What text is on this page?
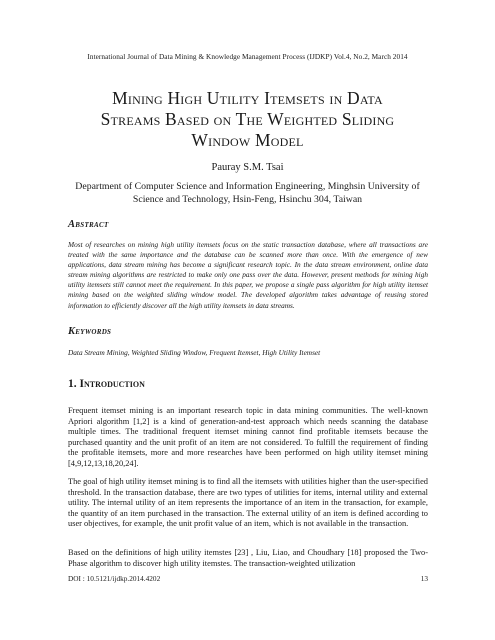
International Journal of Data Mining & Knowledge Management Process (IJDKP) Vol.4, No.2, March 2014
Mining High Utility Itemsets in Data
Streams Based on The Weighted Sliding
Window Model
Pauray S.M. Tsai
Department of Computer Science and Information Engineering, Minghsin University of
Science and Technology, Hsin-Feng, Hsinchu 304, Taiwan
Abstract
Most of researches on mining high utility itemsets focus on the static transaction database, where all transactions are treated with the same importance and the database can be scanned more than once. With the emergence of new applications, data stream mining has become a significant research topic. In the data stream environment, online data stream mining algorithms are restricted to make only one pass over the data. However, present methods for mining high utility itemsets still cannot meet the requirement. In this paper, we propose a single pass algorithm for high utility itemset mining based on the weighted sliding window model. The developed algorithm takes advantage of reusing stored information to efficiently discover all the high utility itemsets in data streams.
Keywords
Data Stream Mining, Weighted Sliding Window, Frequent Itemset, High Utility Itemset
1. Introduction
Frequent itemset mining is an important research topic in data mining communities. The well-known Apriori algorithm [1,2] is a kind of generation-and-test approach which needs scanning the database multiple times. The traditional frequent itemset mining cannot find profitable itemsets because the purchased quantity and the unit profit of an item are not considered. To fulfill the requirement of finding the profitable itemsets, more and more researches have been performed on high utility itemset mining [4,9,12,13,18,20,24].
The goal of high utility itemset mining is to find all the itemsets with utilities higher than the user-specified threshold. In the transaction database, there are two types of utilities for items, internal utility and external utility. The internal utility of an item represents the importance of an item in the transaction, for example, the quantity of an item purchased in the transaction. The external utility of an item is defined according to user objectives, for example, the unit profit value of an item, which is not available in the transaction.
Based on the definitions of high utility itemstes [23] , Liu, Liao, and Choudhary [18] proposed the Two-Phase algorithm to discover high utility itemstes. The transaction-weighted utilization
DOI : 10.5121/ijdkp.2014.4202	13
